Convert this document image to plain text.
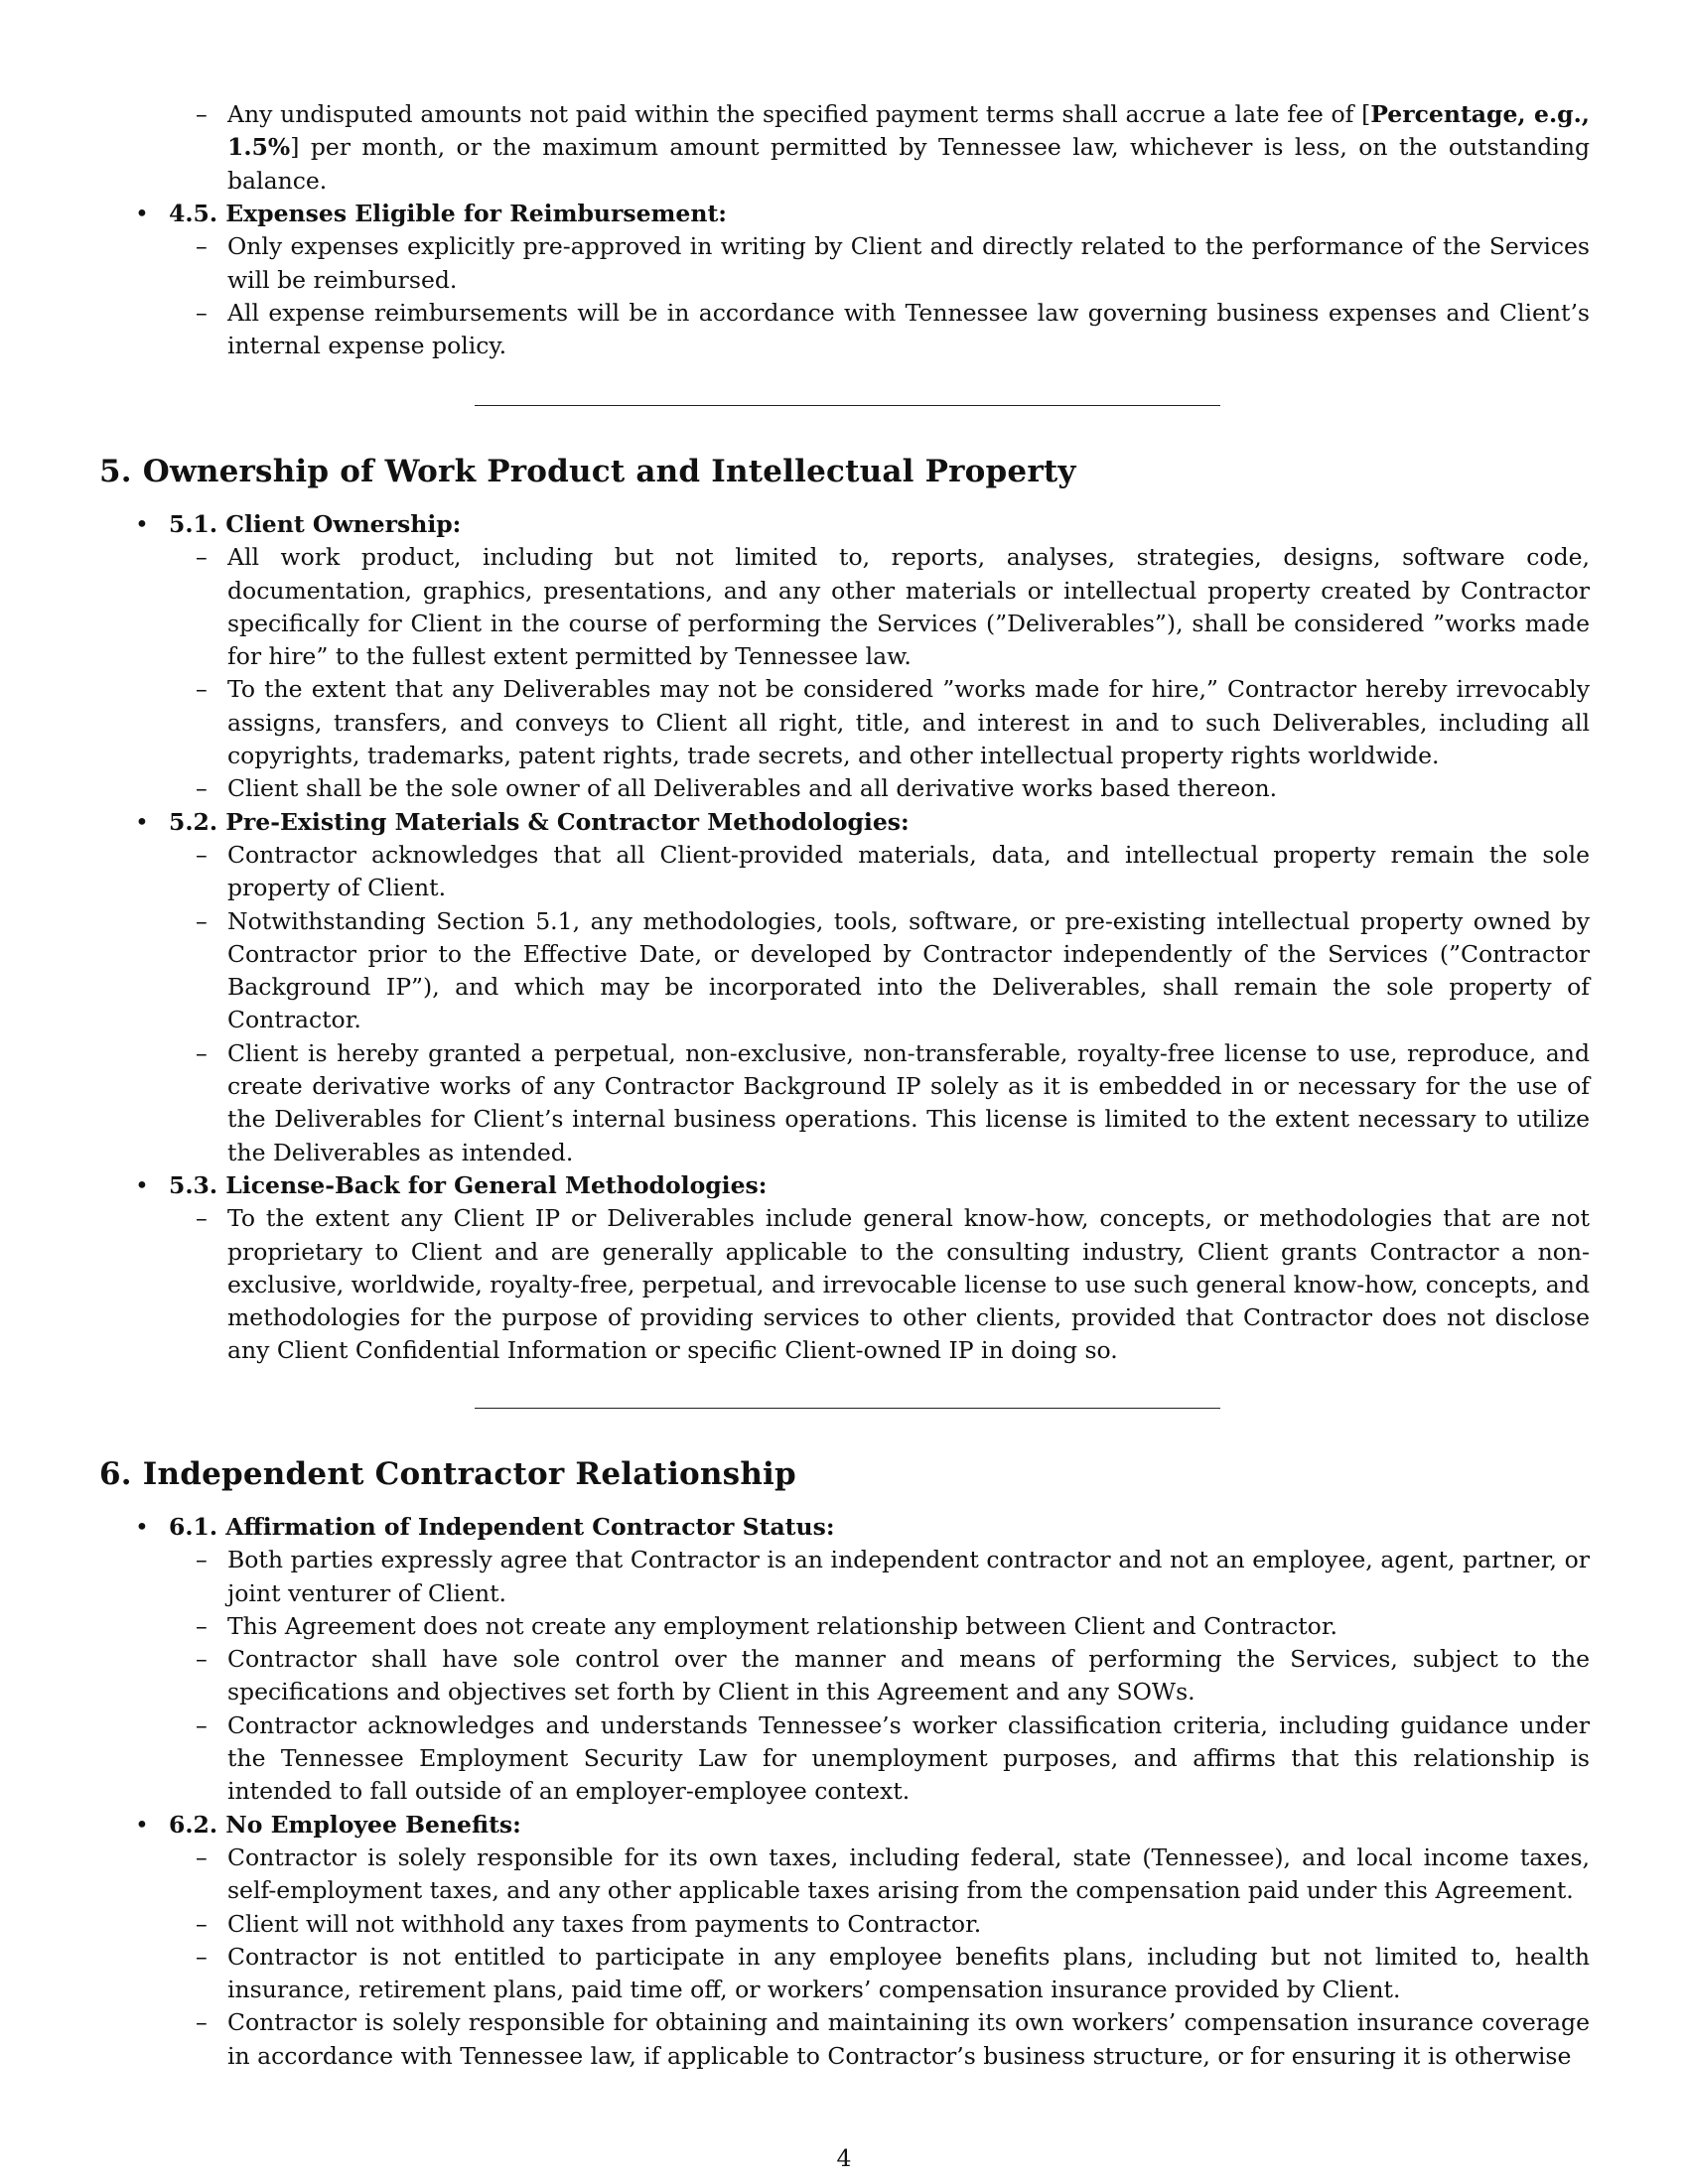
– Any undisputed amounts not paid within the specified payment terms shall accrue a late fee of [Percentage, e.g., 1.5%] per month, or the maximum amount permitted by Tennessee law, whichever is less, on the outstanding balance.
• 4.5. Expenses Eligible for Reimbursement:
– Only expenses explicitly pre-approved in writing by Client and directly related to the performance of the Services will be reimbursed.
– All expense reimbursements will be in accordance with Tennessee law governing business expenses and Client’s internal expense policy.
5. Ownership of Work Product and Intellectual Property
• 5.1. Client Ownership:
– All work product, including but not limited to, reports, analyses, strategies, designs, software code, documentation, graphics, presentations, and any other materials or intellectual property created by Contractor specifically for Client in the course of performing the Services (”Deliverables”), shall be considered ”works made for hire” to the fullest extent permitted by Tennessee law.
– To the extent that any Deliverables may not be considered ”works made for hire,” Contractor hereby irrevocably assigns, transfers, and conveys to Client all right, title, and interest in and to such Deliverables, including all copyrights, trademarks, patent rights, trade secrets, and other intellectual property rights worldwide.
– Client shall be the sole owner of all Deliverables and all derivative works based thereon.
• 5.2. Pre-Existing Materials & Contractor Methodologies:
– Contractor acknowledges that all Client-provided materials, data, and intellectual property remain the sole property of Client.
– Notwithstanding Section 5.1, any methodologies, tools, software, or pre-existing intellectual property owned by Contractor prior to the Effective Date, or developed by Contractor independently of the Services (”Contractor Background IP”), and which may be incorporated into the Deliverables, shall remain the sole property of Contractor.
– Client is hereby granted a perpetual, non-exclusive, non-transferable, royalty-free license to use, reproduce, and create derivative works of any Contractor Background IP solely as it is embedded in or necessary for the use of the Deliverables for Client’s internal business operations. This license is limited to the extent necessary to utilize the Deliverables as intended.
• 5.3. License-Back for General Methodologies:
– To the extent any Client IP or Deliverables include general know-how, concepts, or methodologies that are not proprietary to Client and are generally applicable to the consulting industry, Client grants Contractor a non-exclusive, worldwide, royalty-free, perpetual, and irrevocable license to use such general know-how, concepts, and methodologies for the purpose of providing services to other clients, provided that Contractor does not disclose any Client Confidential Information or specific Client-owned IP in doing so.
6. Independent Contractor Relationship
• 6.1. Affirmation of Independent Contractor Status:
– Both parties expressly agree that Contractor is an independent contractor and not an employee, agent, partner, or joint venturer of Client.
– This Agreement does not create any employment relationship between Client and Contractor.
– Contractor shall have sole control over the manner and means of performing the Services, subject to the specifications and objectives set forth by Client in this Agreement and any SOWs.
– Contractor acknowledges and understands Tennessee’s worker classification criteria, including guidance under the Tennessee Employment Security Law for unemployment purposes, and affirms that this relationship is intended to fall outside of an employer-employee context.
• 6.2. No Employee Benefits:
– Contractor is solely responsible for its own taxes, including federal, state (Tennessee), and local income taxes, self-employment taxes, and any other applicable taxes arising from the compensation paid under this Agreement.
– Client will not withhold any taxes from payments to Contractor.
– Contractor is not entitled to participate in any employee benefits plans, including but not limited to, health insurance, retirement plans, paid time off, or workers’ compensation insurance provided by Client.
– Contractor is solely responsible for obtaining and maintaining its own workers’ compensation insurance coverage in accordance with Tennessee law, if applicable to Contractor’s business structure, or for ensuring it is otherwise
4
